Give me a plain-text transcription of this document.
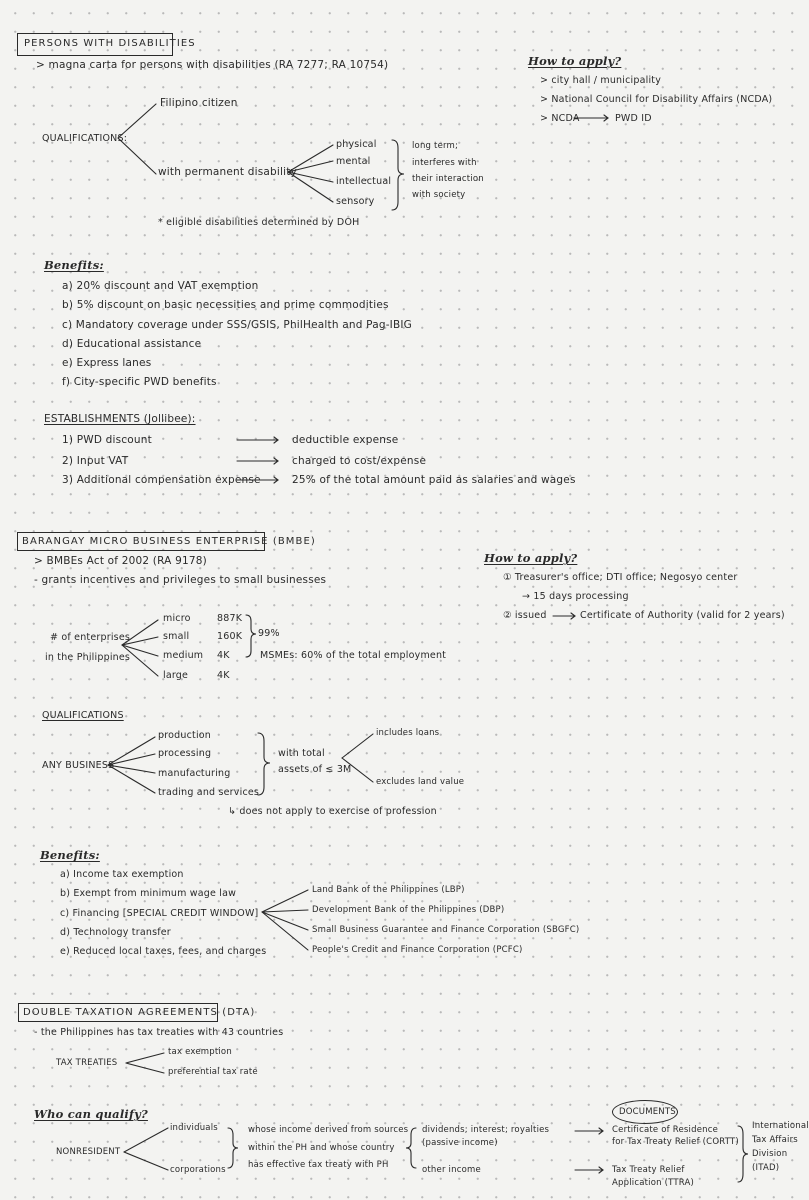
PERSONS WITH DISABILITIES
> magna carta for persons with disabilities (RA 7277; RA 10754)	How to apply?
> city hall / municipality
> National Council for Disability Affairs (NCDA)
> NCDA	PWD ID
QUALIFICATIONS:
Filipino citizen
with permanent disability
physical
mental
intellectual
sensory
long term;
interferes with
their interaction
with society
* eligible disabilities determined by DOH
Benefits:
a) 20% discount and VAT exemption
b) 5% discount on basic necessities and prime commodities
c) Mandatory coverage under SSS/GSIS, PhilHealth and Pag-IBIG
d) Educational assistance
e) Express lanes
f) City-specific PWD benefits
ESTABLISHMENTS (Jollibee):
1) PWD discount	deductible expense
2) Input VAT	charged to cost/expense
3) Additional compensation expense	25% of the total amount paid as salaries and wages
BARANGAY MICRO BUSINESS ENTERPRISE (BMBE)
> BMBEs Act of 2002 (RA 9178)
- grants incentives and privileges to small businesses
How to apply?
① Treasurer's office; DTI office; Negosyo center
→ 15 days processing
② issued	Certificate of Authority (valid for 2 years)
# of enterprises
in the Philippines
micro	887K
small	160K
medium 4K
large	4K
99%
MSMEs: 60% of the total employment
QUALIFICATIONS
ANY BUSINESS
production
processing
manufacturing
trading and services
with total
assets of ≤ 3M
includes loans
excludes land value
↳ does not apply to exercise of profession
Benefits:
a) Income tax exemption
b) Exempt from minimum wage law
c) Financing [SPECIAL CREDIT WINDOW]
d) Technology transfer
e) Reduced local taxes, fees, and charges
Land Bank of the Philippines (LBP)
Development Bank of the Philippines (DBP)
Small Business Guarantee and Finance Corporation (SBGFC)
People's Credit and Finance Corporation (PCFC)
DOUBLE TAXATION AGREEMENTS (DTA)
- the Philippines has tax treaties with 43 countries
TAX TREATIES
tax exemption
preferential tax rate
Who can qualify?
NONRESIDENT
individuals
corporations
whose income derived from sources
within the PH and whose country
has effective tax treaty with PH
dividends; interest; royalties
(passive income)
other income
DOCUMENTS
Certificate of Residence
for Tax Treaty Relief (CORTT)
Tax Treaty Relief
Application (TTRA)
International
Tax Affairs
Division
(ITAD)
